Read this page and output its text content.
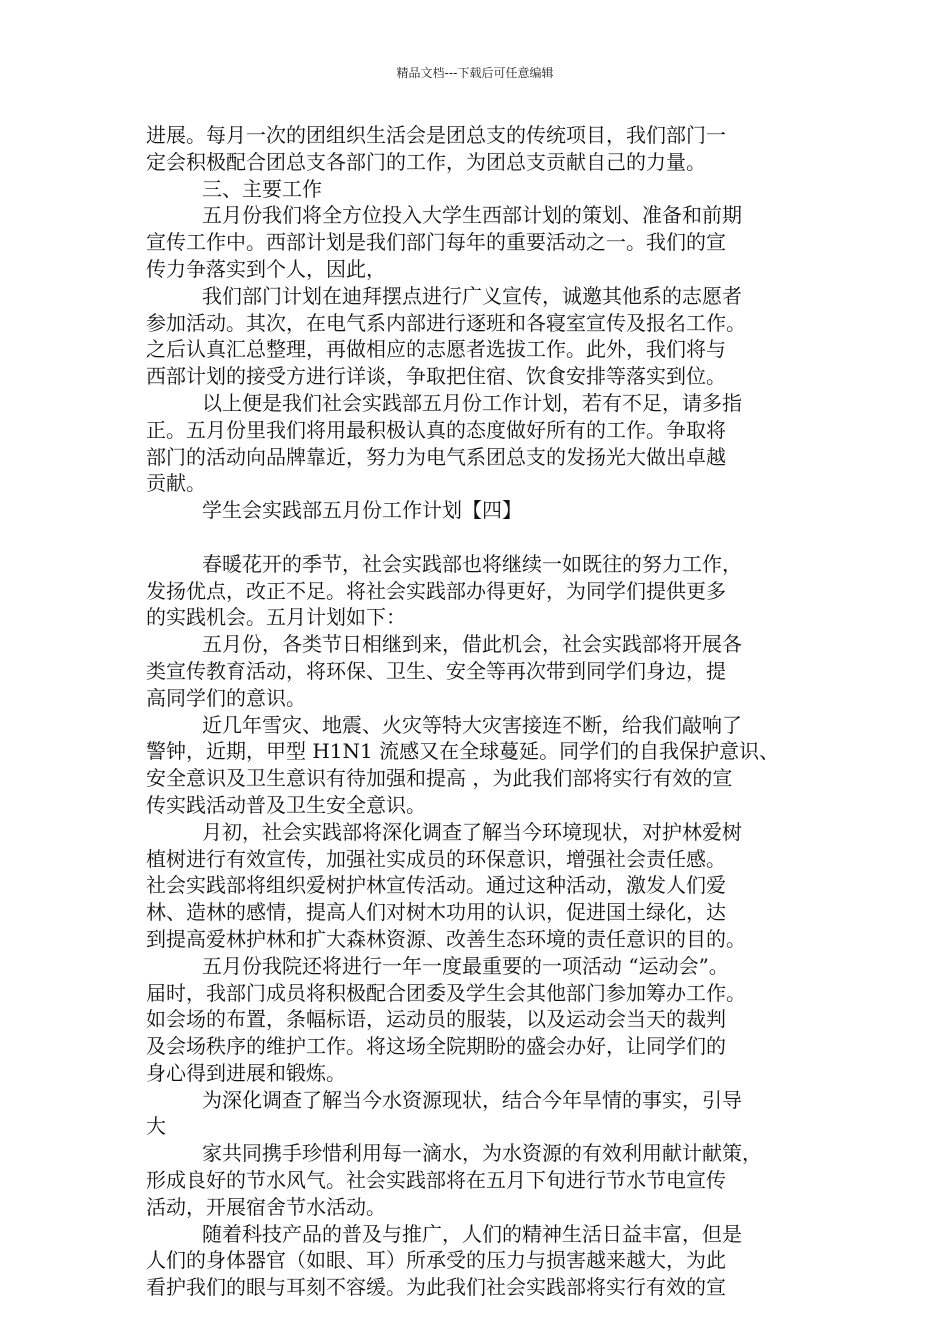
精品文档---下载后可任意编辑
进展。每月一次的团组织生活会是团总支的传统项目，我们部门一
定会积极配合团总支各部门的工作，为团总支贡献自己的力量。
三、主要工作
五月份我们将全方位投入大学生西部计划的策划、准备和前期
宣传工作中。西部计划是我们部门每年的重要活动之一。我们的宣
传力争落实到个人，因此，
我们部门计划在迪拜摆点进行广义宣传，诚邀其他系的志愿者
参加活动。其次，在电气系内部进行逐班和各寝室宣传及报名工作。
之后认真汇总整理，再做相应的志愿者选拔工作。此外，我们将与
西部计划的接受方进行详谈，争取把住宿、饮食安排等落实到位。
以上便是我们社会实践部五月份工作计划，若有不足，请多指
正。五月份里我们将用最积极认真的态度做好所有的工作。争取将
部门的活动向品牌靠近，努力为电气系团总支的发扬光大做出卓越
贡献。
学生会实践部五月份工作计划【四】
春暖花开的季节，社会实践部也将继续一如既往的努力工作，
发扬优点，改正不足。将社会实践部办得更好，为同学们提供更多
的实践机会。五月计划如下：
五月份，各类节日相继到来，借此机会，社会实践部将开展各
类宣传教育活动，将环保、卫生、安全等再次带到同学们身边，提
高同学们的意识。
近几年雪灾、地震、火灾等特大灾害接连不断，给我们敲响了
警钟，近期，甲型 H1N1 流感又在全球蔓延。同学们的自我保护意识、
安全意识及卫生意识有待加强和提高 ，为此我们部将实行有效的宣
传实践活动普及卫生安全意识。
月初，社会实践部将深化调查了解当今环境现状，对护林爱树
植树进行有效宣传，加强社实成员的环保意识，增强社会责任感。
社会实践部将组织爱树护林宣传活动。通过这种活动，激发人们爱
林、造林的感情，提高人们对树木功用的认识，促进国土绿化，达
到提高爱林护林和扩大森林资源、改善生态环境的责任意识的目的。
五月份我院还将进行一年一度最重要的一项活动 “运动会”。
届时，我部门成员将积极配合团委及学生会其他部门参加筹办工作。
如会场的布置，条幅标语，运动员的服装，以及运动会当天的裁判
及会场秩序的维护工作。将这场全院期盼的盛会办好，让同学们的
身心得到进展和锻炼。
为深化调查了解当今水资源现状，结合今年旱情的事实，引导
大
家共同携手珍惜利用每一滴水，为水资源的有效利用献计献策，
形成良好的节水风气。社会实践部将在五月下旬进行节水节电宣传
活动，开展宿舍节水活动。
随着科技产品的普及与推广，人们的精神生活日益丰富，但是
人们的身体器官（如眼、耳）所承受的压力与损害越来越大，为此
看护我们的眼与耳刻不容缓。为此我们社会实践部将实行有效的宣
